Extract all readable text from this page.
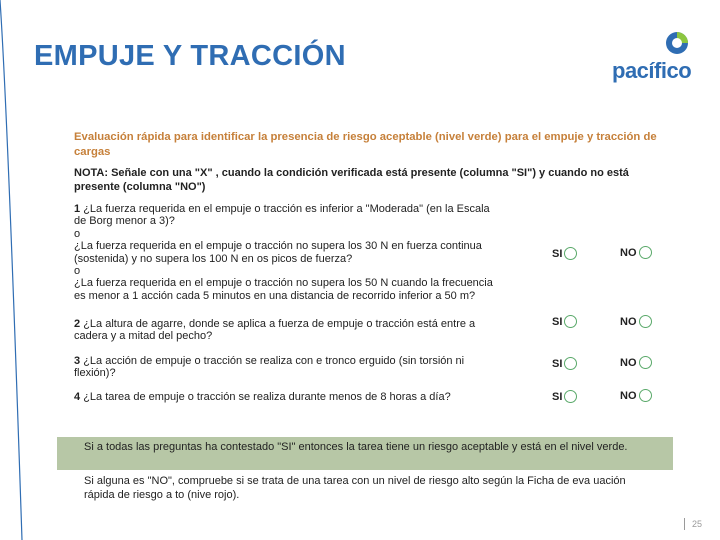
EMPUJE Y TRACCIÓN	pacífico
Evaluación rápida para identificar la presencia de riesgo aceptable (nivel verde) para el empuje y tracción de cargas
NOTA: Señale con una "X" , cuando la condición verificada está presente (columna "SI") y cuando no está presente (columna "NO")
1 ¿La fuerza requerida en el empuje o tracción es inferior a "Moderada" (en la Escala
de Borg menor a 3)?
o
¿La fuerza requerida en el empuje o tracción no supera los 30 N en fuerza continua
(sostenida) y no supera los 100 N en os picos de fuerza?
o
¿La fuerza requerida en el empuje o tracción no supera los 50 N cuando la frecuencia
es menor a 1 acción cada 5 minutos en una distancia de recorrido inferior a 50 m?
SI	NO
2 ¿La altura de agarre, donde se aplica a fuerza de empuje o tracción está entre a
cadera y a mitad del pecho?
SI	NO
3 ¿La acción de empuje o tracción se realiza con e tronco erguido (sin torsión ni
flexión)?
SI	NO
4 ¿La tarea de empuje o tracción se realiza durante menos de 8 horas a día?	SI	NO
Si a todas las preguntas ha contestado "SI" entonces la tarea tiene un riesgo aceptable y está en el nivel verde.
Si alguna es "NO", compruebe si se trata de una tarea con un nivel de riesgo alto según la Ficha de eva uación rápida de riesgo a to (nive rojo).
25
